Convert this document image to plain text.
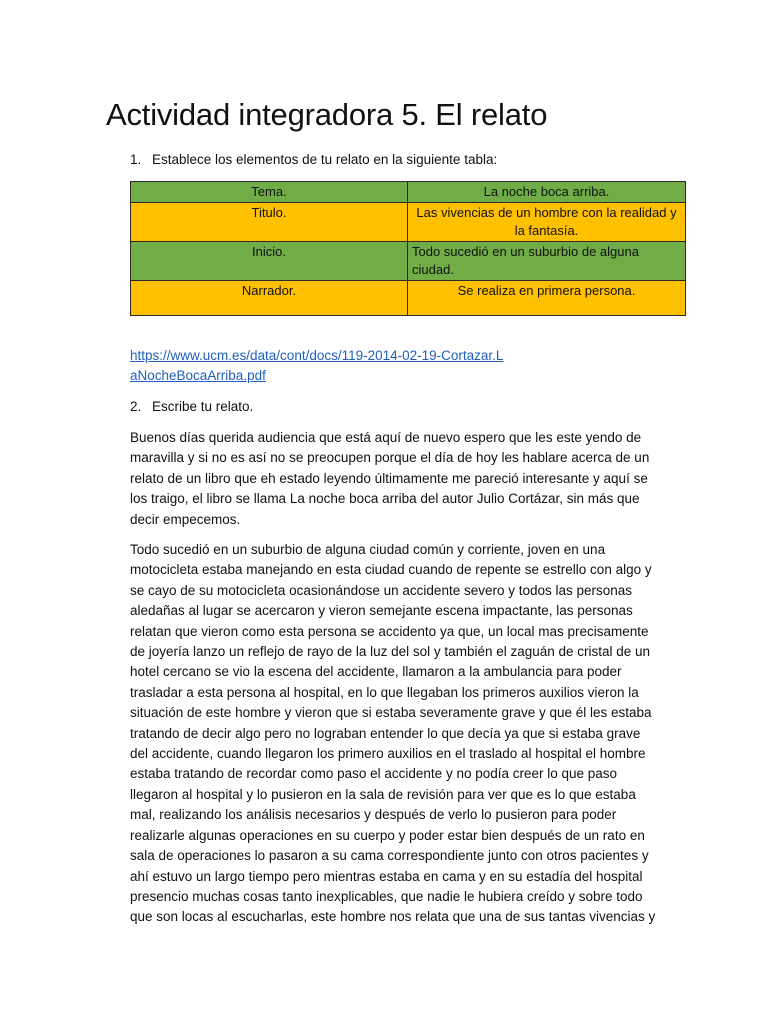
Actividad integradora 5. El relato
1. Establece los elementos de tu relato en la siguiente tabla:
Tema.	La noche boca arriba.
Titulo.	Las vivencias de un hombre con la realidad y la fantasía.
Inicio.	Todo sucedió en un suburbio de alguna ciudad.
Narrador.	Se realiza en primera persona.
https://www.ucm.es/data/cont/docs/119-2014-02-19-Cortazar.LaNocheBocaArriba.pdf
2. Escribe tu relato.

Buenos días querida audiencia que está aquí de nuevo espero que les este yendo de maravilla y si no es así no se preocupen porque el día de hoy les hablare acerca de un relato de un libro que eh estado leyendo últimamente me pareció interesante y aquí se los traigo, el libro se llama La noche boca arriba del autor Julio Cortázar, sin más que decir empecemos.

Todo sucedió en un suburbio de alguna ciudad común y corriente, joven en una motocicleta estaba manejando en esta ciudad cuando de repente se estrello con algo y se cayo de su motocicleta ocasionándose un accidente severo y todos las personas aledañas al lugar se acercaron y vieron semejante escena impactante, las personas relatan que vieron como esta persona se accidento ya que, un local mas precisamente de joyería lanzo un reflejo de rayo de la luz del sol y también el zaguán de cristal de un hotel cercano se vio la escena del accidente, llamaron a la ambulancia para poder trasladar a esta persona al hospital, en lo que llegaban los primeros auxilios vieron la situación de este hombre y vieron que si estaba severamente grave y que él les estaba tratando de decir algo pero no lograban entender lo que decía ya que si estaba grave del accidente, cuando llegaron los primero auxilios en el traslado al hospital el hombre estaba tratando de recordar como paso el accidente y no podía creer lo que paso llegaron al hospital y lo pusieron en la sala de revisión para ver que es lo que estaba mal, realizando los análisis necesarios y después de verlo lo pusieron para poder realizarle algunas operaciones en su cuerpo y poder estar bien después de un rato en sala de operaciones lo pasaron a su cama correspondiente junto con otros pacientes y ahí estuvo un largo tiempo pero mientras estaba en cama y en su estadía del hospital presencio muchas cosas tanto inexplicables, que nadie le hubiera creído y sobre todo que son locas al escucharlas, este hombre nos relata que una de sus tantas vivencias y
